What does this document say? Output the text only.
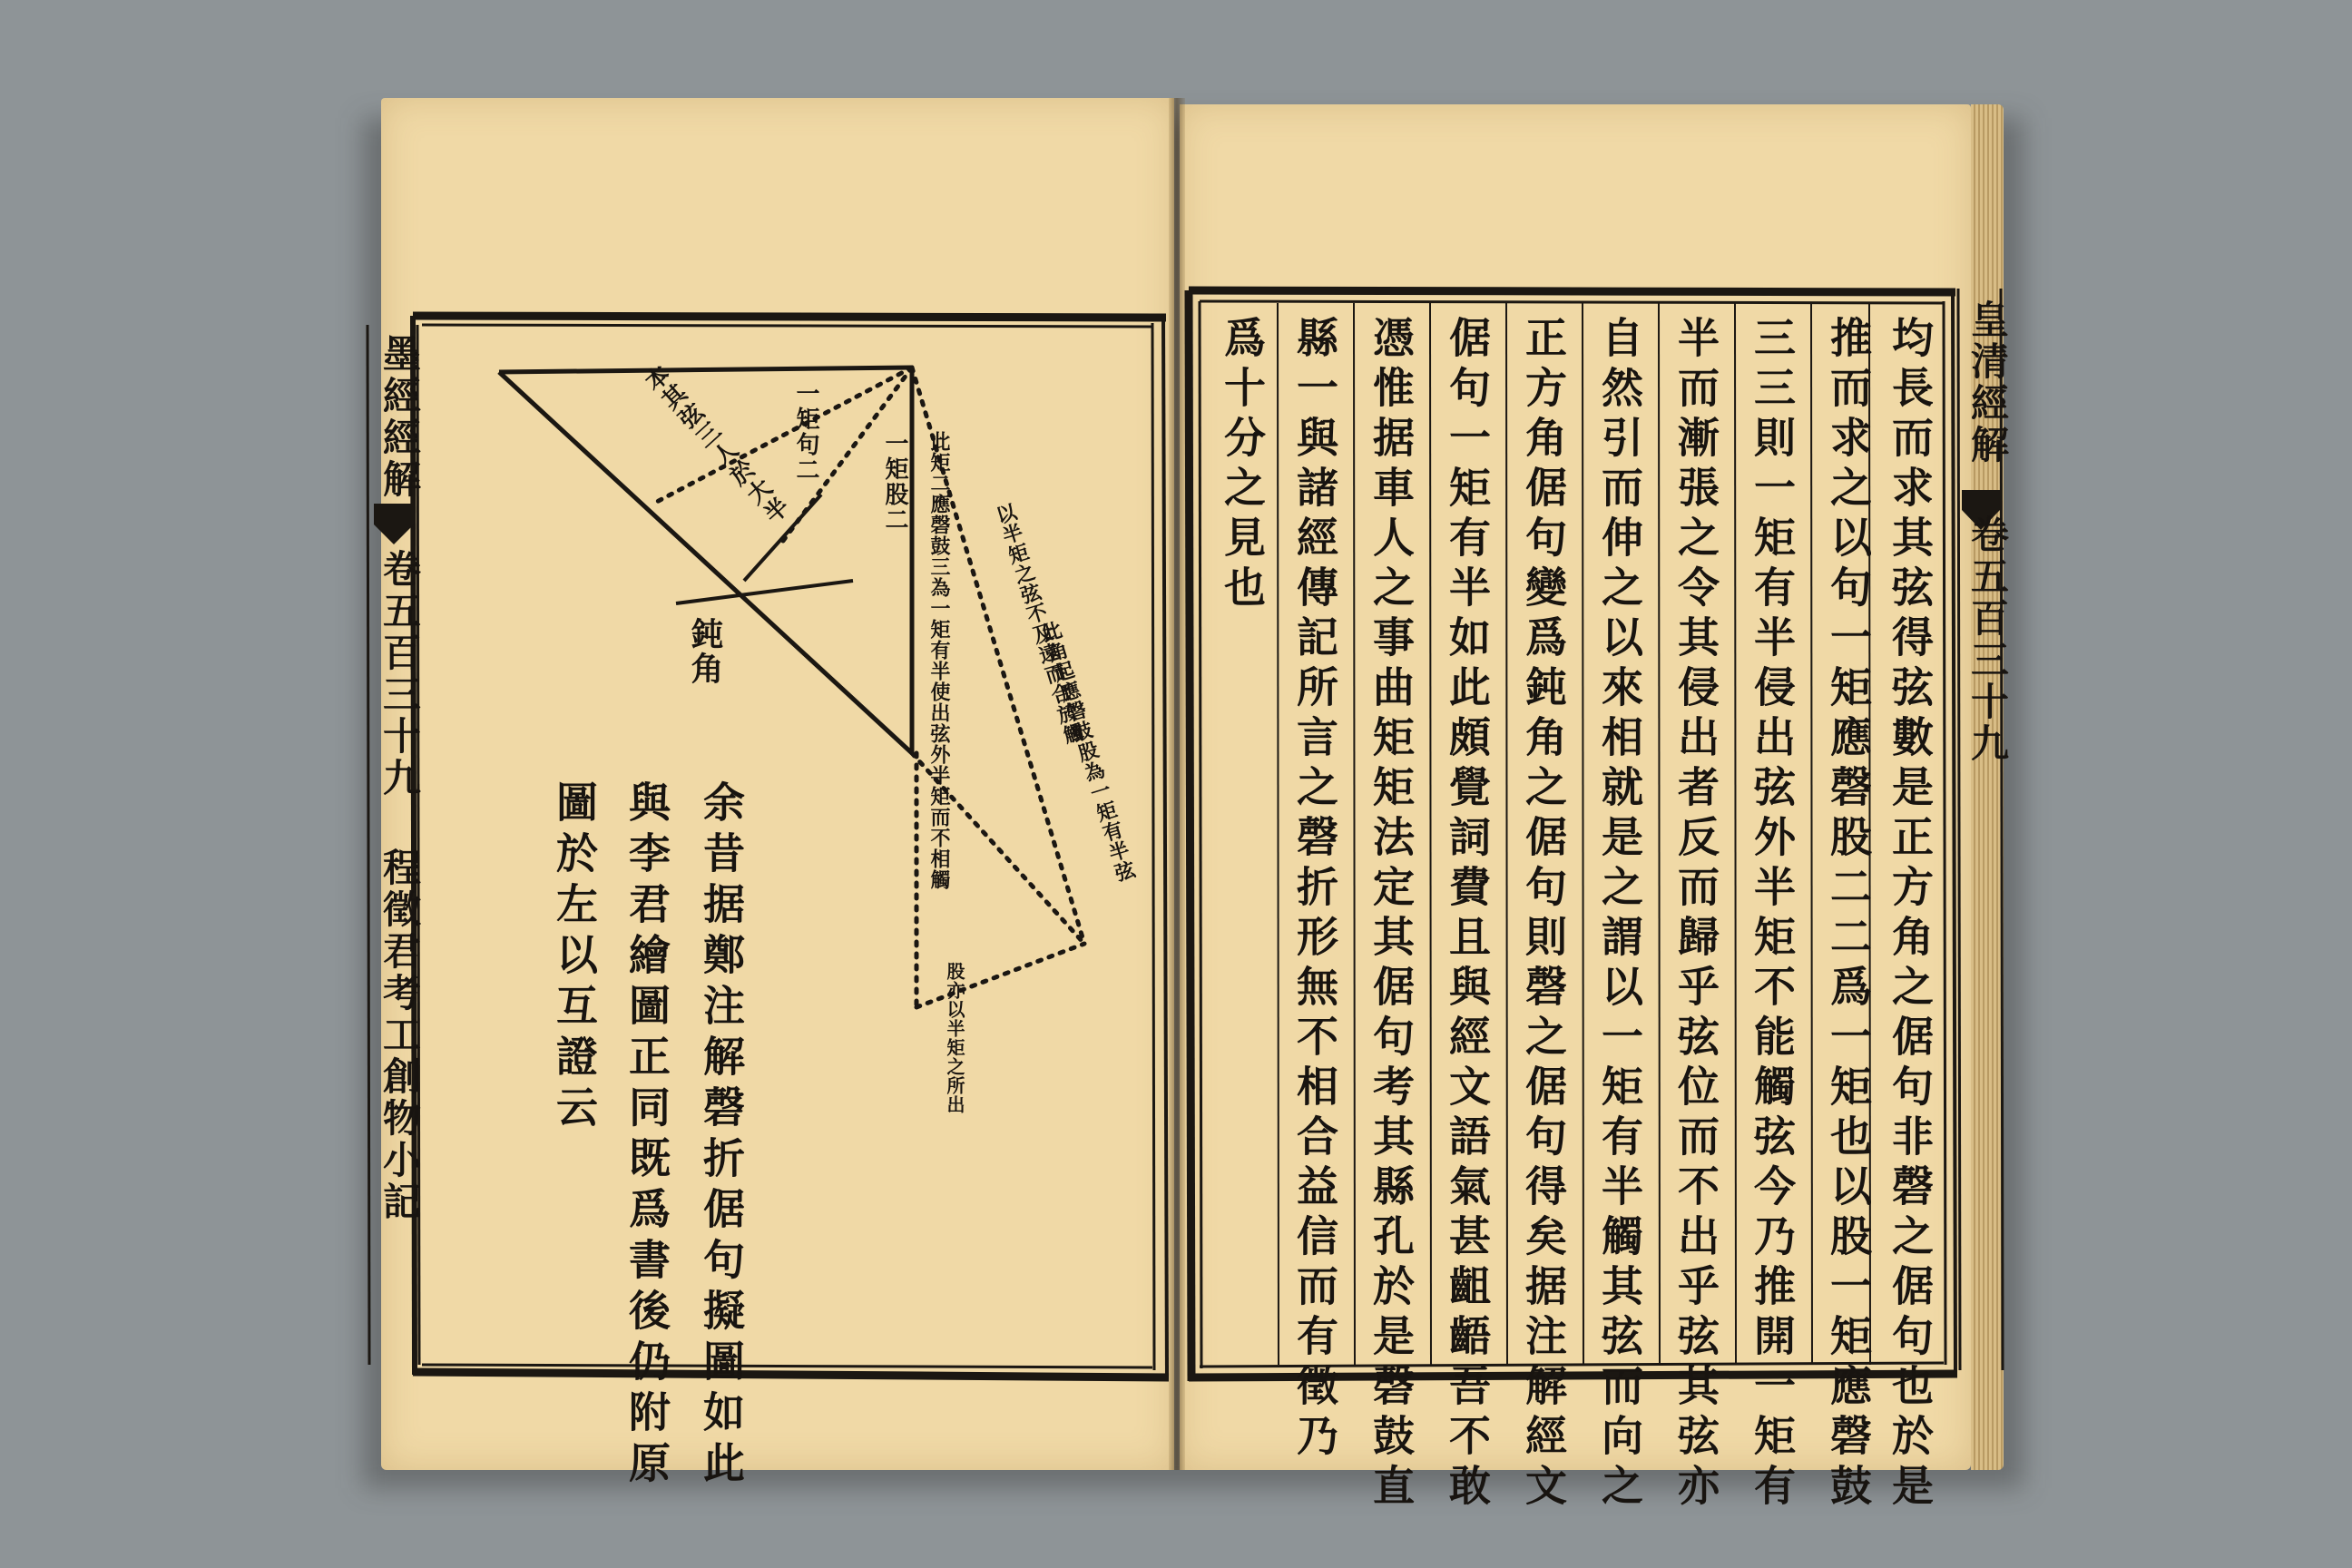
墨經經解 卷五百三十九 程徵君考工創物小記	一矩句二	一矩股二
本其弦三人於大半
鈍角	此矩二應磬鼓三為一矩有半使出弦外半矩而不相觸 以半矩之弦不及遠而合於觸
此角起應磬鼓股為一矩有半弦
股亦以半矩之所出
余昔据鄭注解磬折倨句擬圖如此
與李君繪圖正同既爲書後仍附原
圖於左以互證云
皇清經解 卷五百三十九
均長而求其弦得弦數是正方角之倨句非磬之倨句也於是
推而求之以句一矩應磬股二二爲一矩也以股一矩應磬鼓
三三則一矩有半侵出弦外半矩不能觸弦今乃推開一矩有
半而漸張之令其侵出者反而歸乎弦位而不出乎弦其弦亦
自然引而伸之以來相就是之謂以一矩有半觸其弦而向之
正方角倨句變爲鈍角之倨句則磬之倨句得矣据注解經文
倨句一矩有半如此頗覺詞費且與經文語氣甚齟齬吾不敢
憑惟据車人之事曲矩矩法定其倨句考其縣孔於是磬鼓直
縣一與諸經傳記所言之磬折形無不相合益信而有徵乃
爲十分之見也
